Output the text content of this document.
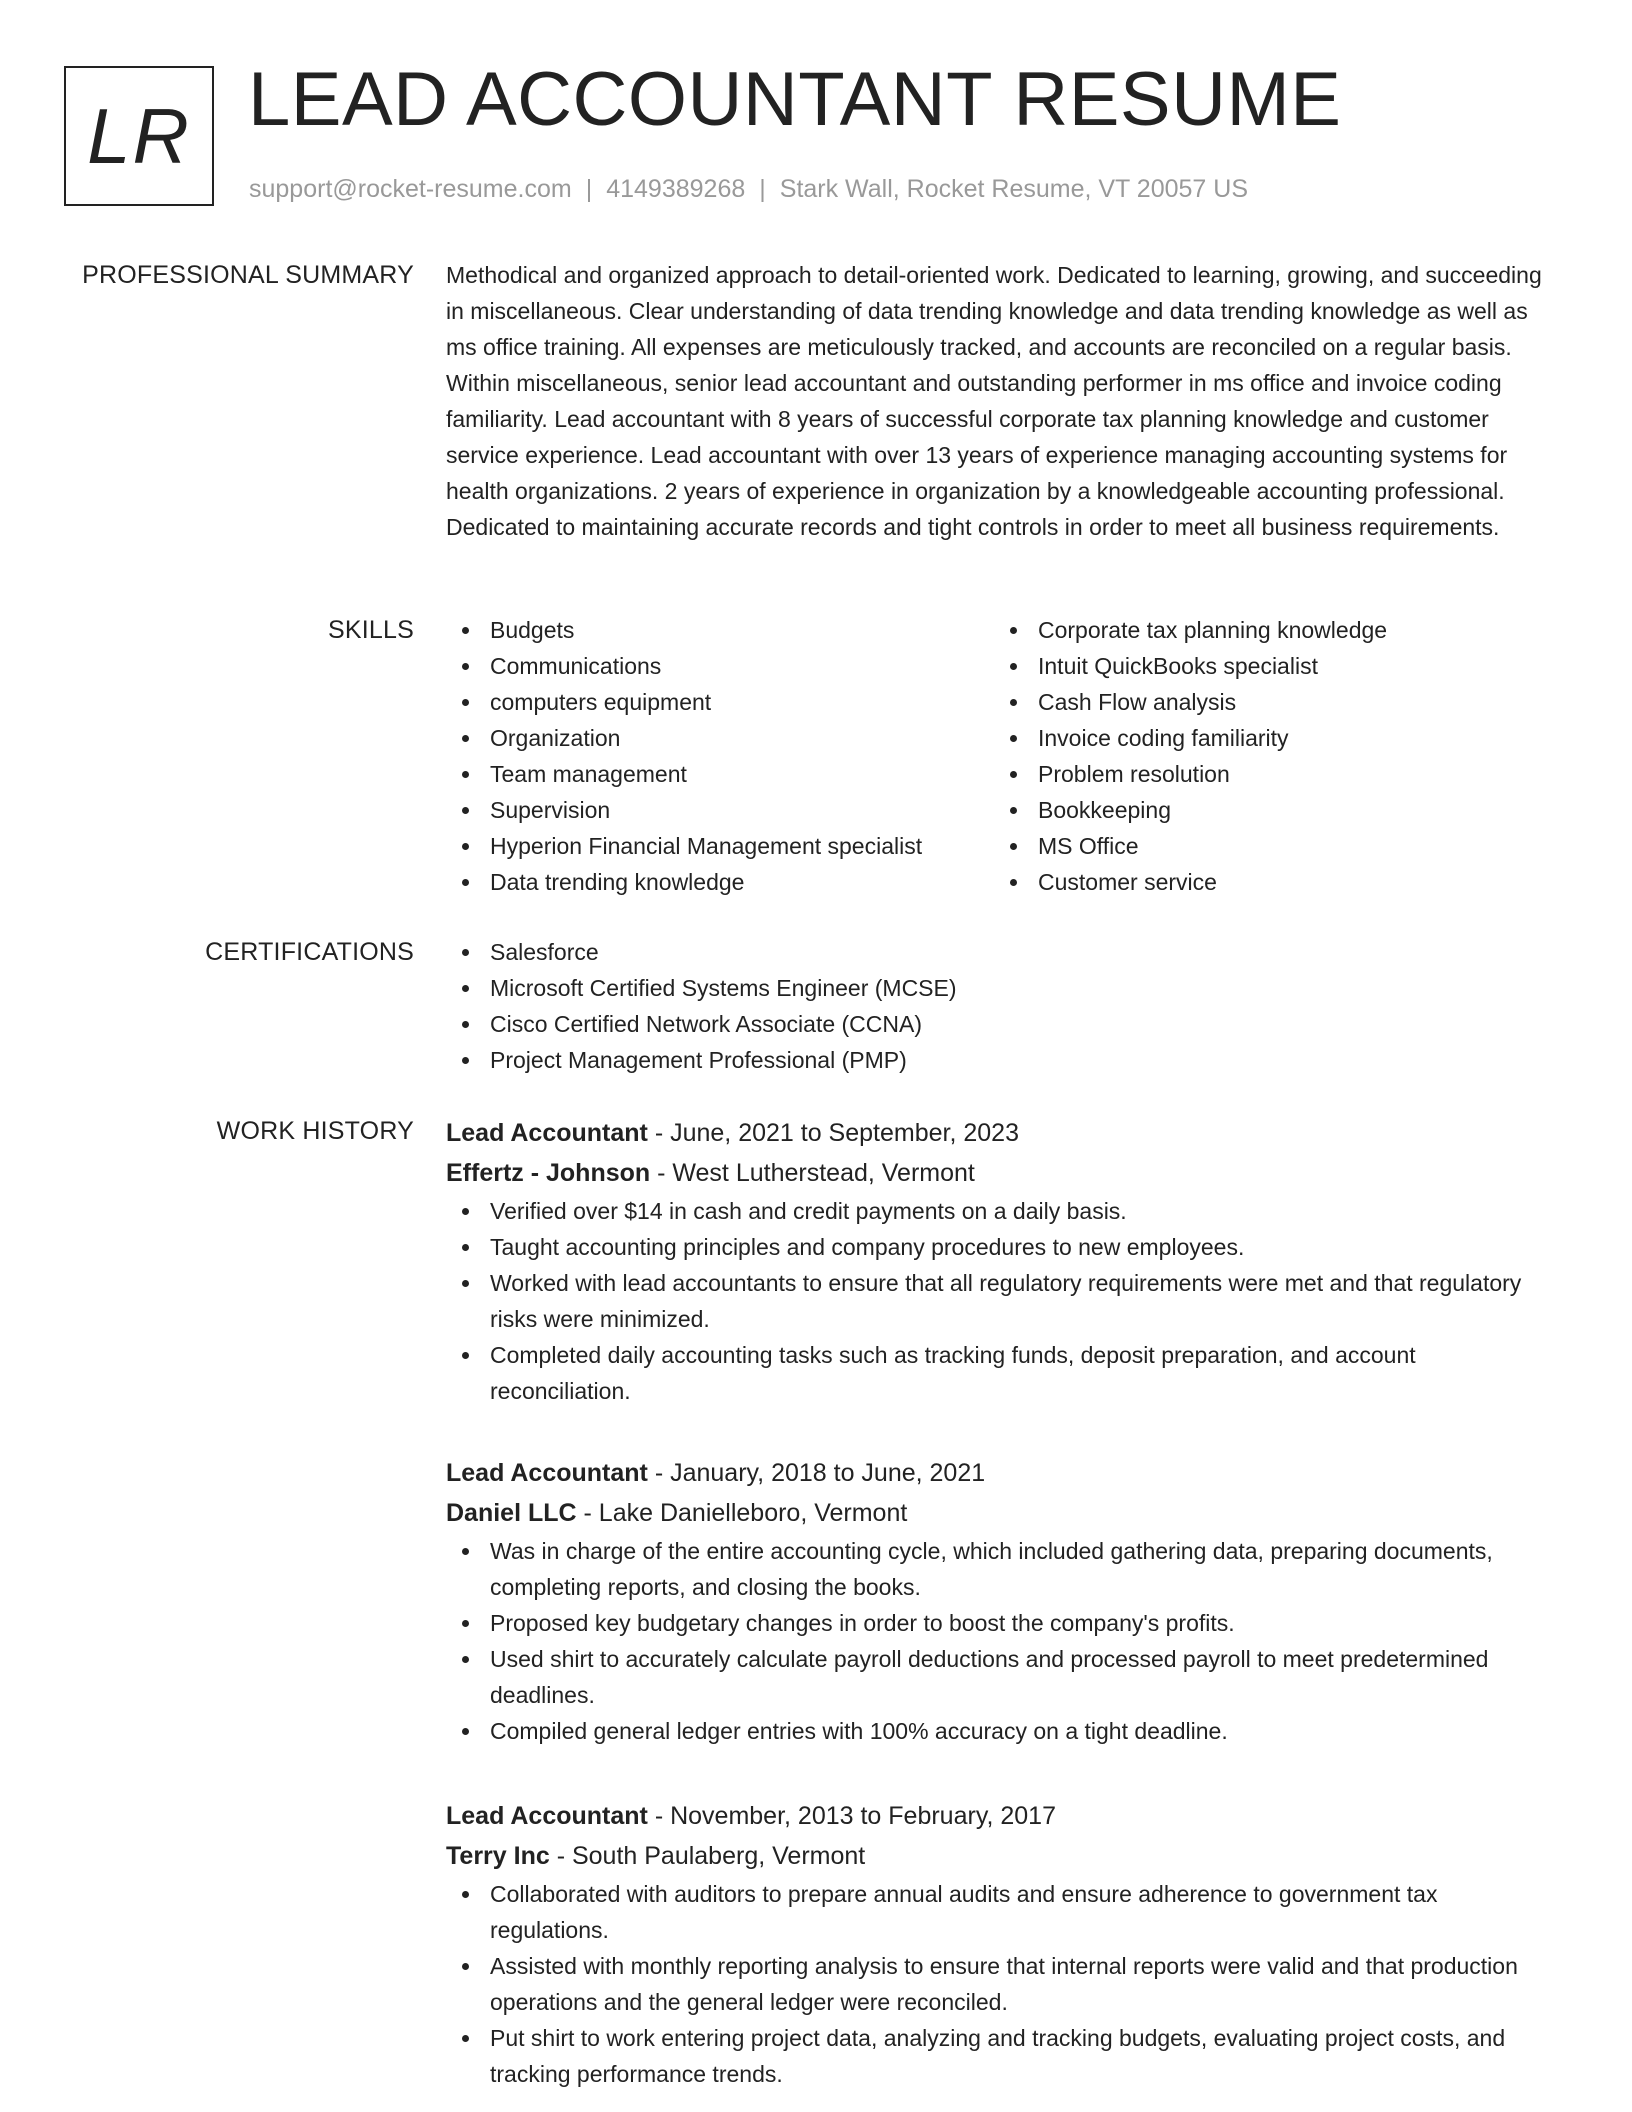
LR LEAD ACCOUNTANT RESUME
support@rocket-resume.com | 4149389268 | Stark Wall, Rocket Resume, VT 20057 US
PROFESSIONAL SUMMARY Methodical and organized approach to detail-oriented work. Dedicated to learning, growing, and succeeding in miscellaneous. Clear understanding of data trending knowledge and data trending knowledge as well as ms office training. All expenses are meticulously tracked, and accounts are reconciled on a regular basis. Within miscellaneous, senior lead accountant and outstanding performer in ms office and invoice coding familiarity. Lead accountant with 8 years of successful corporate tax planning knowledge and customer service experience. Lead accountant with over 13 years of experience managing accounting systems for health organizations. 2 years of experience in organization by a knowledgeable accounting professional. Dedicated to maintaining accurate records and tight controls in order to meet all business requirements.

SKILLS	Budgets
Communications
computers equipment
Organization
Team management
Supervision
Hyperion Financial Management specialist
Data trending knowledge
Corporate tax planning knowledge
Intuit QuickBooks specialist
Cash Flow analysis
Invoice coding familiarity
Problem resolution
Bookkeeping
MS Office
Customer service
CERTIFICATIONS	Salesforce
Microsoft Certified Systems Engineer (MCSE)
Cisco Certified Network Associate (CCNA)
Project Management Professional (PMP)
WORK HISTORY Lead Accountant - June, 2021 to September, 2023
Effertz - Johnson - West Lutherstead, Vermont
Verified over $14 in cash and credit payments on a daily basis.
Taught accounting principles and company procedures to new employees.
Worked with lead accountants to ensure that all regulatory requirements were met and that regulatory risks were minimized.
Completed daily accounting tasks such as tracking funds, deposit preparation, and account reconciliation.
Lead Accountant - January, 2018 to June, 2021
Daniel LLC - Lake Danielleboro, Vermont
Was in charge of the entire accounting cycle, which included gathering data, preparing documents, completing reports, and closing the books.
Proposed key budgetary changes in order to boost the company's profits.
Used shirt to accurately calculate payroll deductions and processed payroll to meet predetermined deadlines.
Compiled general ledger entries with 100% accuracy on a tight deadline.
Lead Accountant - November, 2013 to February, 2017
Terry Inc - South Paulaberg, Vermont
Collaborated with auditors to prepare annual audits and ensure adherence to government tax regulations.
Assisted with monthly reporting analysis to ensure that internal reports were valid and that production operations and the general ledger were reconciled.
Put shirt to work entering project data, analyzing and tracking budgets, evaluating project costs, and tracking performance trends.
